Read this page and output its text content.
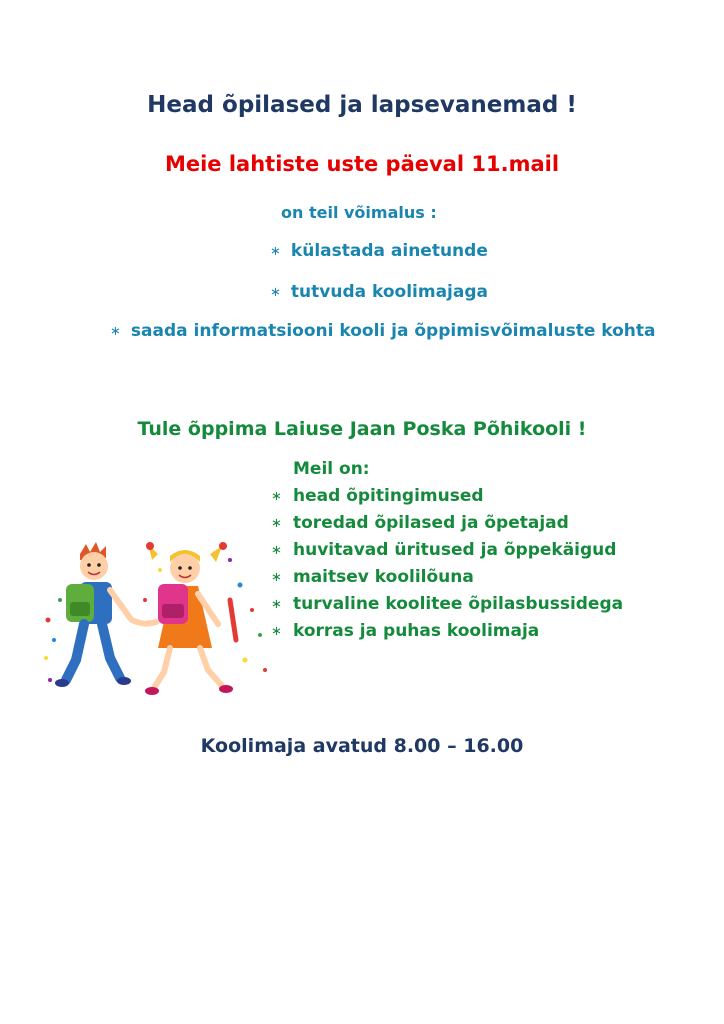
Head õpilased ja lapsevanemad !
Meie lahtiste uste päeval 11.mail
on teil võimalus :
∗ külastada ainetunde
∗ tutvuda koolimajaga
∗ saada informatsiooni kooli ja õppimisvõimaluste kohta
Tule õppima Laiuse Jaan Poska Põhikooli !
Meil on:
∗ head õpitingimused
∗ toredad õpilased ja õpetajad
∗ huvitavad üritused ja õppekäigud
∗ maitsev koolilõuna
∗ turvaline koolitee õpilasbussidega
∗ korras ja puhas koolimaja
Koolimaja avatud 8.00 – 16.00
